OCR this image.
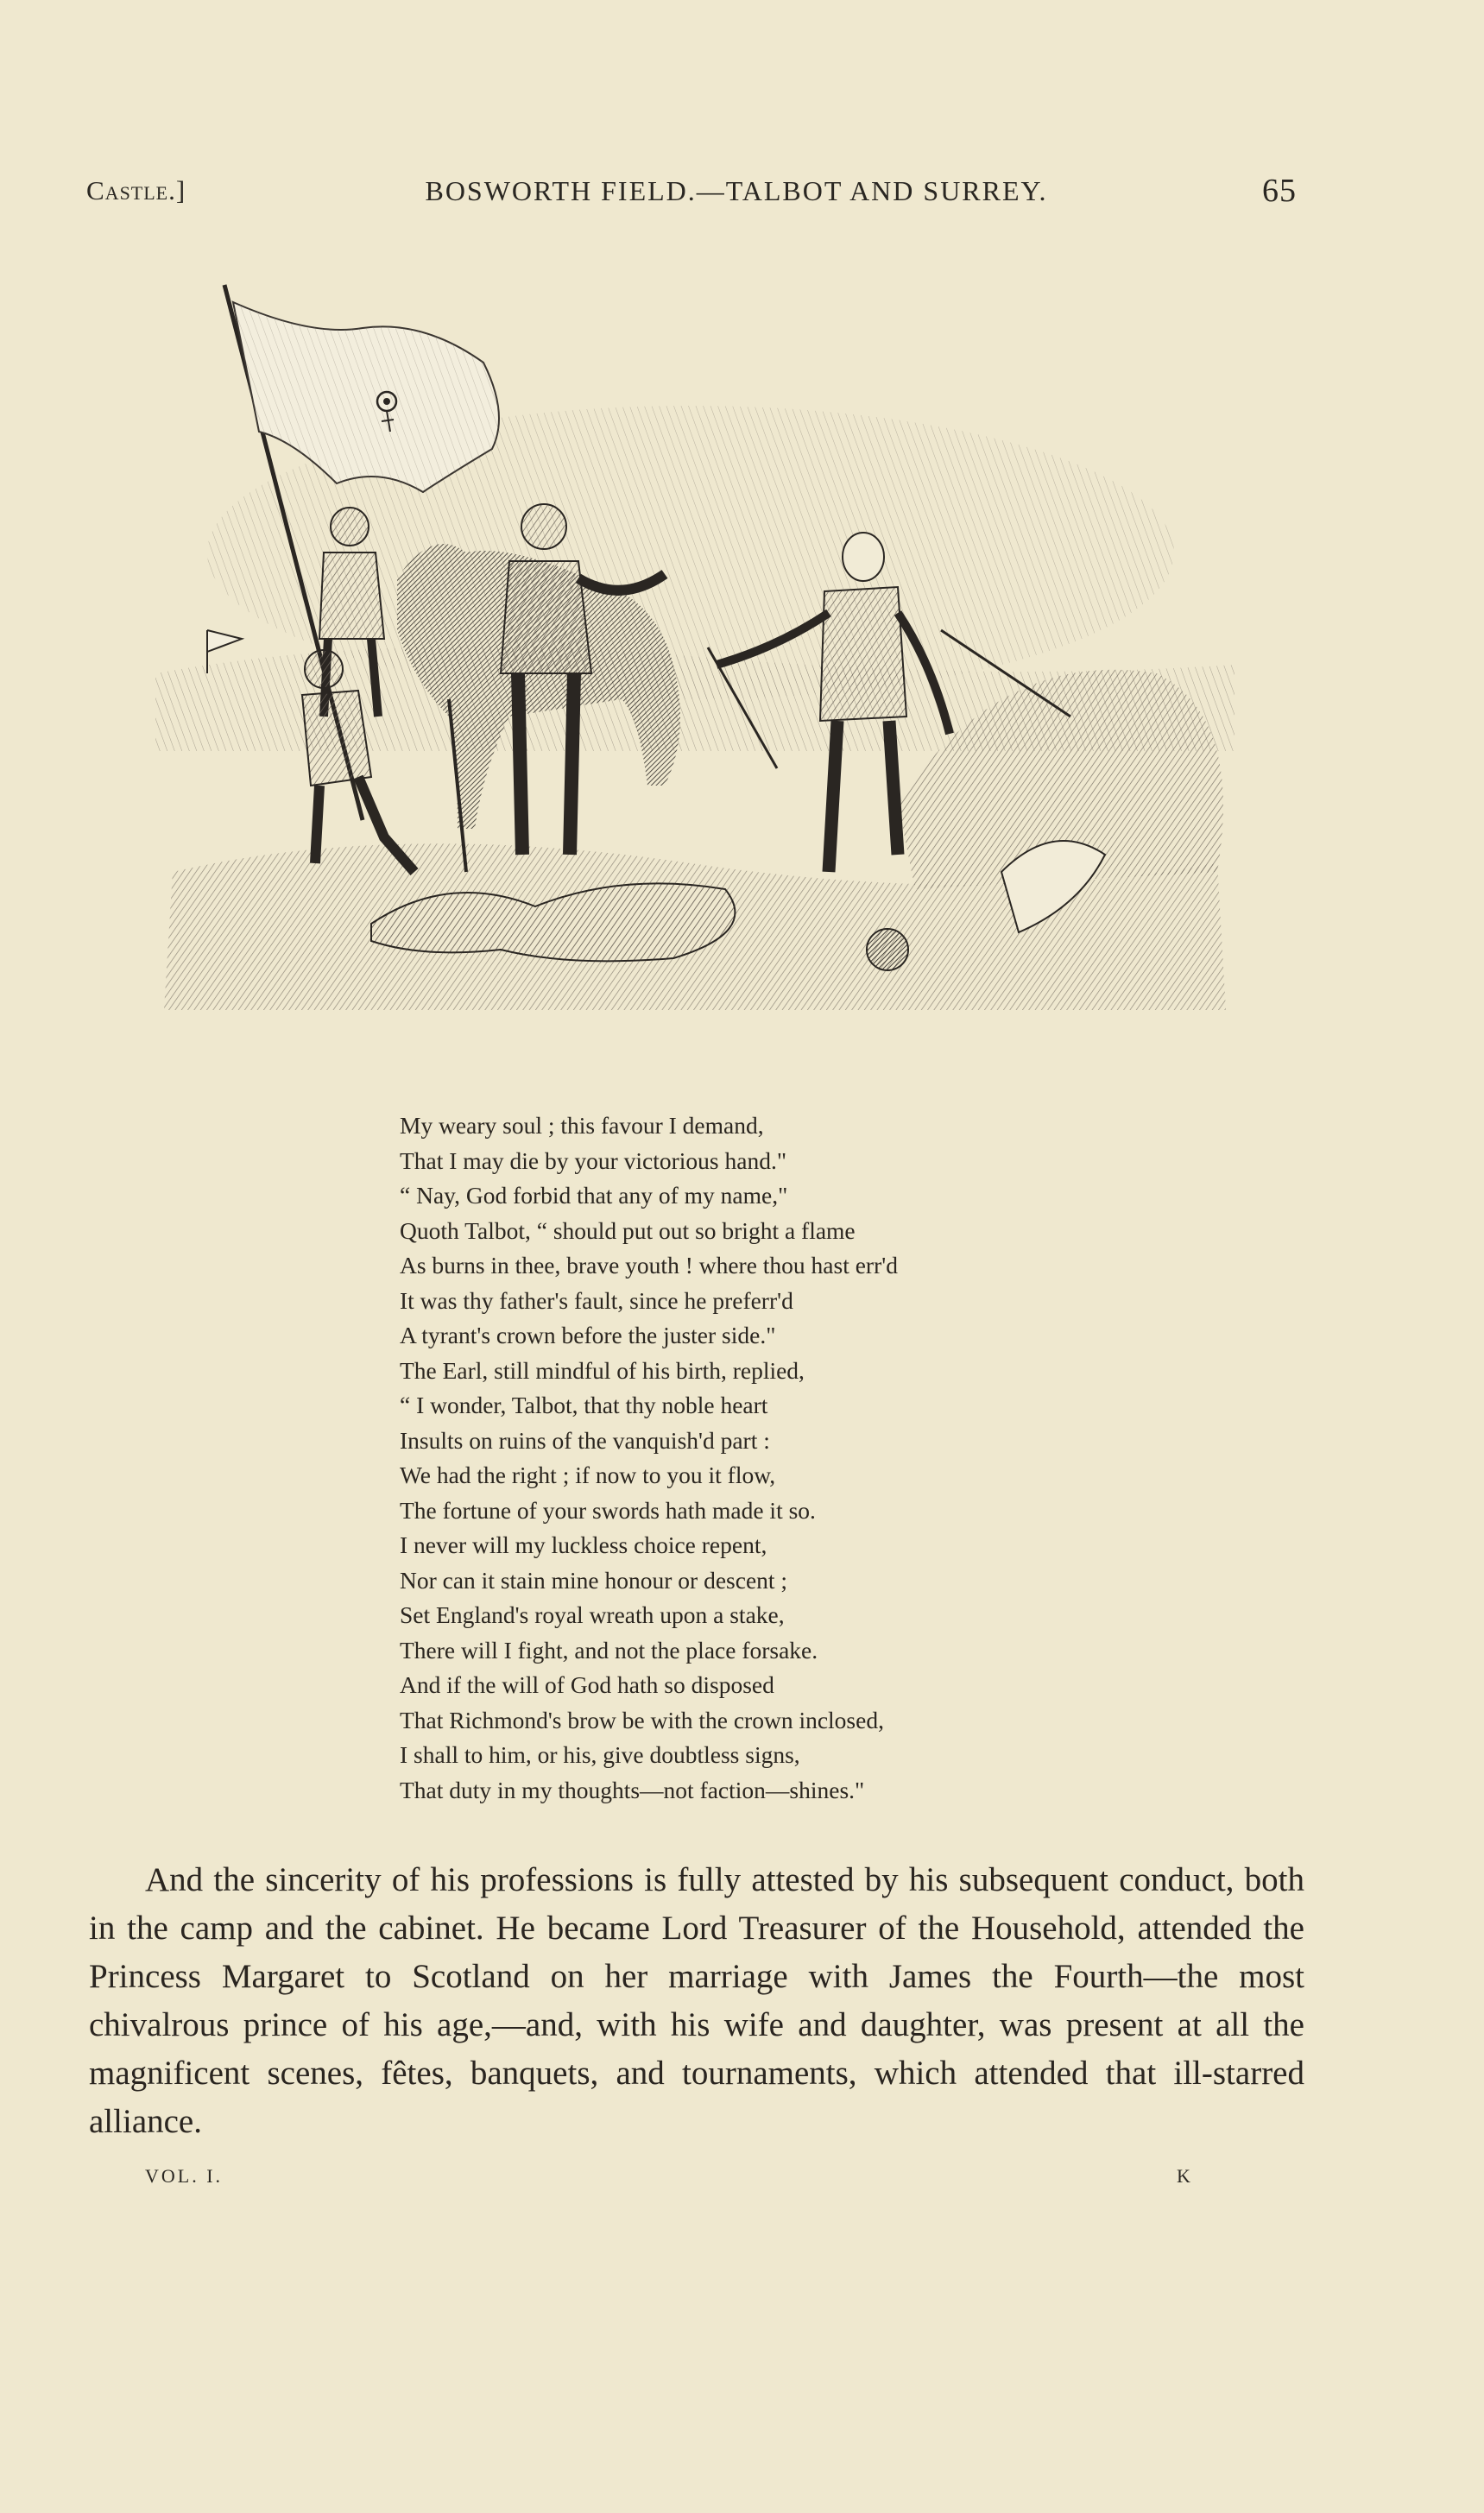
Castle.]	BOSWORTH FIELD.—TALBOT AND SURREY.	65
My weary soul ; this favour I demand,
That I may die by your victorious hand."
“ Nay, God forbid that any of my name,"
Quoth Talbot, “ should put out so bright a flame
As burns in thee, brave youth ! where thou hast err'd
It was thy father's fault, since he preferr'd
A tyrant's crown before the juster side."
The Earl, still mindful of his birth, replied,
“ I wonder, Talbot, that thy noble heart
Insults on ruins of the vanquish'd part :
We had the right ; if now to you it flow,
The fortune of your swords hath made it so.
I never will my luckless choice repent,
Nor can it stain mine honour or descent ;
Set England's royal wreath upon a stake,
There will I fight, and not the place forsake.
And if the will of God hath so disposed
That Richmond's brow be with the crown inclosed,
I shall to him, or his, give doubtless signs,
That duty in my thoughts—not faction—shines."

And the sincerity of his professions is fully attested by his subsequent conduct, both in the camp and the cabinet. He became Lord Treasurer of the Household, attended the Princess Margaret to Scotland on her marriage with James the Fourth—the most chivalrous prince of his age,—and, with his wife and daughter, was present at all the magnificent scenes, fêtes, banquets, and tournaments, which attended that ill-starred alliance.

VOL. I.	K
